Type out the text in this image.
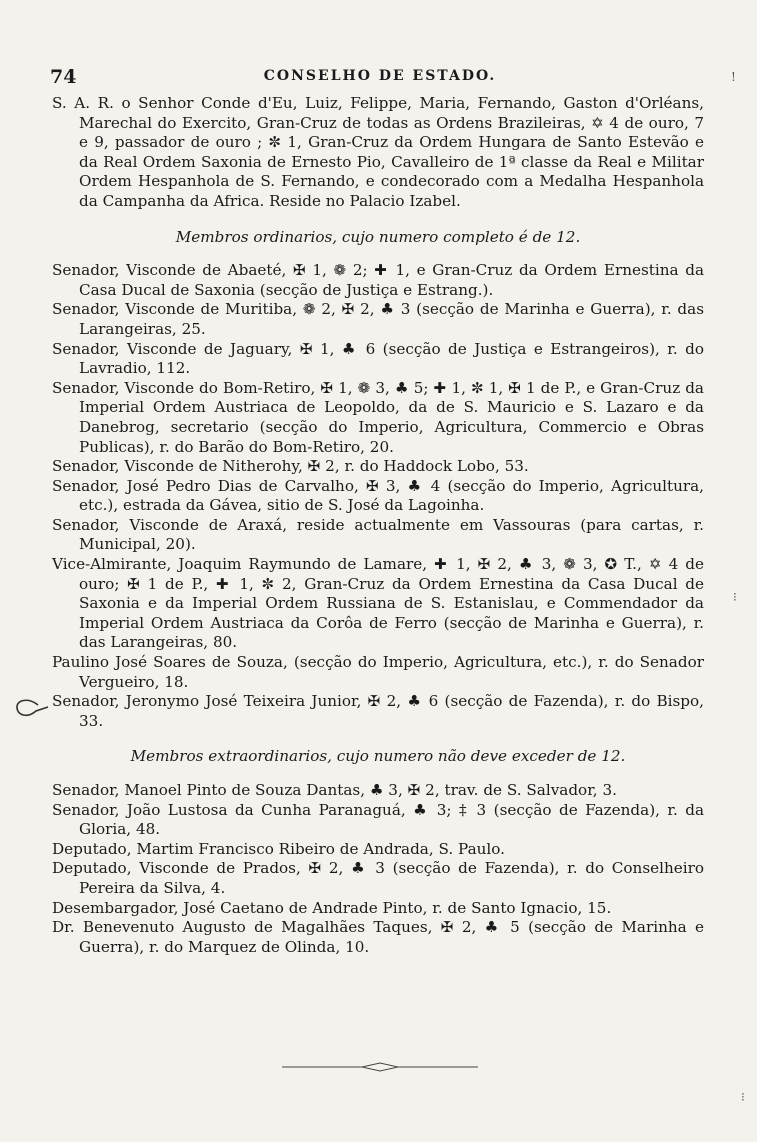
74	CONSELHO DE ESTADO.

S. A. R. o Senhor Conde d'Eu, Luiz, Felippe, Maria, Fernando, Gaston d'Orléans, Marechal do Exercito, Gran-Cruz de todas as Ordens Brazileiras, ✡ 4 de ouro, 7 e 9, passador de ouro ; ✼ 1, Gran-Cruz da Ordem Hungara de Santo Estevão e da Real Ordem Saxonia de Ernesto Pio, Cavalleiro de 1ª classe da Real e Militar Ordem Hespanhola de S. Fernando, e condecorado com a Medalha Hespanhola da Campanha da Africa. Reside no Palacio Izabel.

Membros ordinarios, cujo numero completo é de 12.

Senador, Visconde de Abaeté, ✠ 1, ❁ 2; ✚ 1, e Gran-Cruz da Ordem Ernestina da Casa Ducal de Saxonia (secção de Justiça e Estrang.).

Senador, Visconde de Muritiba, ❁ 2, ✠ 2, ♣ 3 (secção de Marinha e Guerra), r. das Larangeiras, 25.

Senador, Visconde de Jaguary, ✠ 1, ♣ 6 (secção de Justiça e Estrangeiros), r. do Lavradio, 112.

Senador, Visconde do Bom-Retiro, ✠ 1, ❁ 3, ♣ 5; ✚ 1, ✼ 1, ✠ 1 de P., e Gran-Cruz da Imperial Ordem Austriaca de Leopoldo, da de S. Mauricio e S. Lazaro e da Danebrog, secretario (secção do Imperio, Agricultura, Commercio e Obras Publicas), r. do Barão do Bom-Retiro, 20.

Senador, Visconde de Nitherohy, ✠ 2, r. do Haddock Lobo, 53.

Senador, José Pedro Dias de Carvalho, ✠ 3, ♣ 4 (secção do Imperio, Agricultura, etc.), estrada da Gávea, sitio de S. José da Lagoinha.

Senador, Visconde de Araxá, reside actualmente em Vassouras (para cartas, r. Municipal, 20).

Vice-Almirante, Joaquim Raymundo de Lamare, ✚ 1, ✠ 2, ♣ 3, ❁ 3, ✪ T., ✡ 4 de ouro; ✠ 1 de P., ✚ 1, ✼ 2, Gran-Cruz da Ordem Ernestina da Casa Ducal de Saxonia e da Imperial Ordem Russiana de S. Estanislau, e Commendador da Imperial Ordem Austriaca da Corôa de Ferro (secção de Marinha e Guerra), r. das Larangeiras, 80.

Paulino José Soares de Souza, (secção do Imperio, Agricultura, etc.), r. do Senador Vergueiro, 18.

Senador, Jeronymo José Teixeira Junior, ✠ 2, ♣ 6 (secção de Fazenda), r. do Bispo, 33.

Membros extraordinarios, cujo numero não deve exceder de 12.

Senador, Manoel Pinto de Souza Dantas, ♣ 3, ✠ 2, trav. de S. Salvador, 3.

Senador, João Lustosa da Cunha Paranaguá, ♣ 3; ‡ 3 (secção de Fazenda), r. da Gloria, 48.

Deputado, Martim Francisco Ribeiro de Andrada, S. Paulo.

Deputado, Visconde de Prados, ✠ 2, ♣ 3 (secção de Fazenda), r. do Conselheiro Pereira da Silva, 4.

Desembargador, José Caetano de Andrade Pinto, r. de Santo Ignacio, 15.

Dr. Benevenuto Augusto de Magalhães Taques, ✠ 2, ♣ 5 (secção de Marinha e Guerra), r. do Marquez de Olinda, 10.

!
⁝
⁝
